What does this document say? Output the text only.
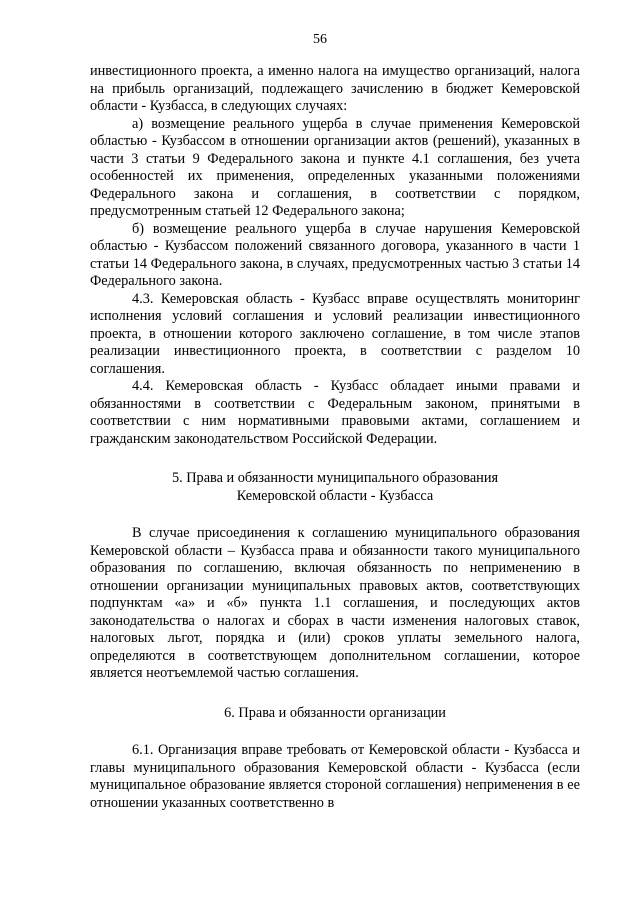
56

инвестиционного проекта, а именно налога на имущество организаций, налога на прибыль организаций, подлежащего зачислению в бюджет Кемеровской области - Кузбасса, в следующих случаях:

а) возмещение реального ущерба в случае применения Кемеровской областью - Кузбассом в отношении организации актов (решений), указанных в части 3 статьи 9 Федерального закона и пункте 4.1 соглашения, без учета особенностей их применения, определенных указанными положениями Федерального закона и соглашения, в соответствии с порядком, предусмотренным статьей 12 Федерального закона;

б) возмещение реального ущерба в случае нарушения Кемеровской областью - Кузбассом положений связанного договора, указанного в части 1 статьи 14 Федерального закона, в случаях, предусмотренных частью 3 статьи 14 Федерального закона.

4.3. Кемеровская область - Кузбасс вправе осуществлять мониторинг исполнения условий соглашения и условий реализации инвестиционного проекта, в отношении которого заключено соглашение, в том числе этапов реализации инвестиционного проекта, в соответствии с разделом 10 соглашения.

4.4. Кемеровская область - Кузбасс обладает иными правами и обязанностями в соответствии с Федеральным законом, принятыми в соответствии с ним нормативными правовыми актами, соглашением и гражданским законодательством Российской Федерации.

5. Права и обязанности муниципального образования

Кемеровской области - Кузбасса

В случае присоединения к соглашению муниципального образования Кемеровской области – Кузбасса права и обязанности такого муниципального образования по соглашению, включая обязанность по неприменению в отношении организации муниципальных правовых актов, соответствующих подпунктам «а» и «б» пункта 1.1 соглашения, и последующих актов законодательства о налогах и сборах в части изменения налоговых ставок, налоговых льгот, порядка и (или) сроков уплаты земельного налога, определяются в соответствующем дополнительном соглашении, которое является неотъемлемой частью соглашения.

6. Права и обязанности организации

6.1. Организация вправе требовать от Кемеровской области - Кузбасса и главы муниципального образования Кемеровской области - Кузбасса (если муниципальное образование является стороной соглашения) неприменения в ее отношении указанных соответственно в
